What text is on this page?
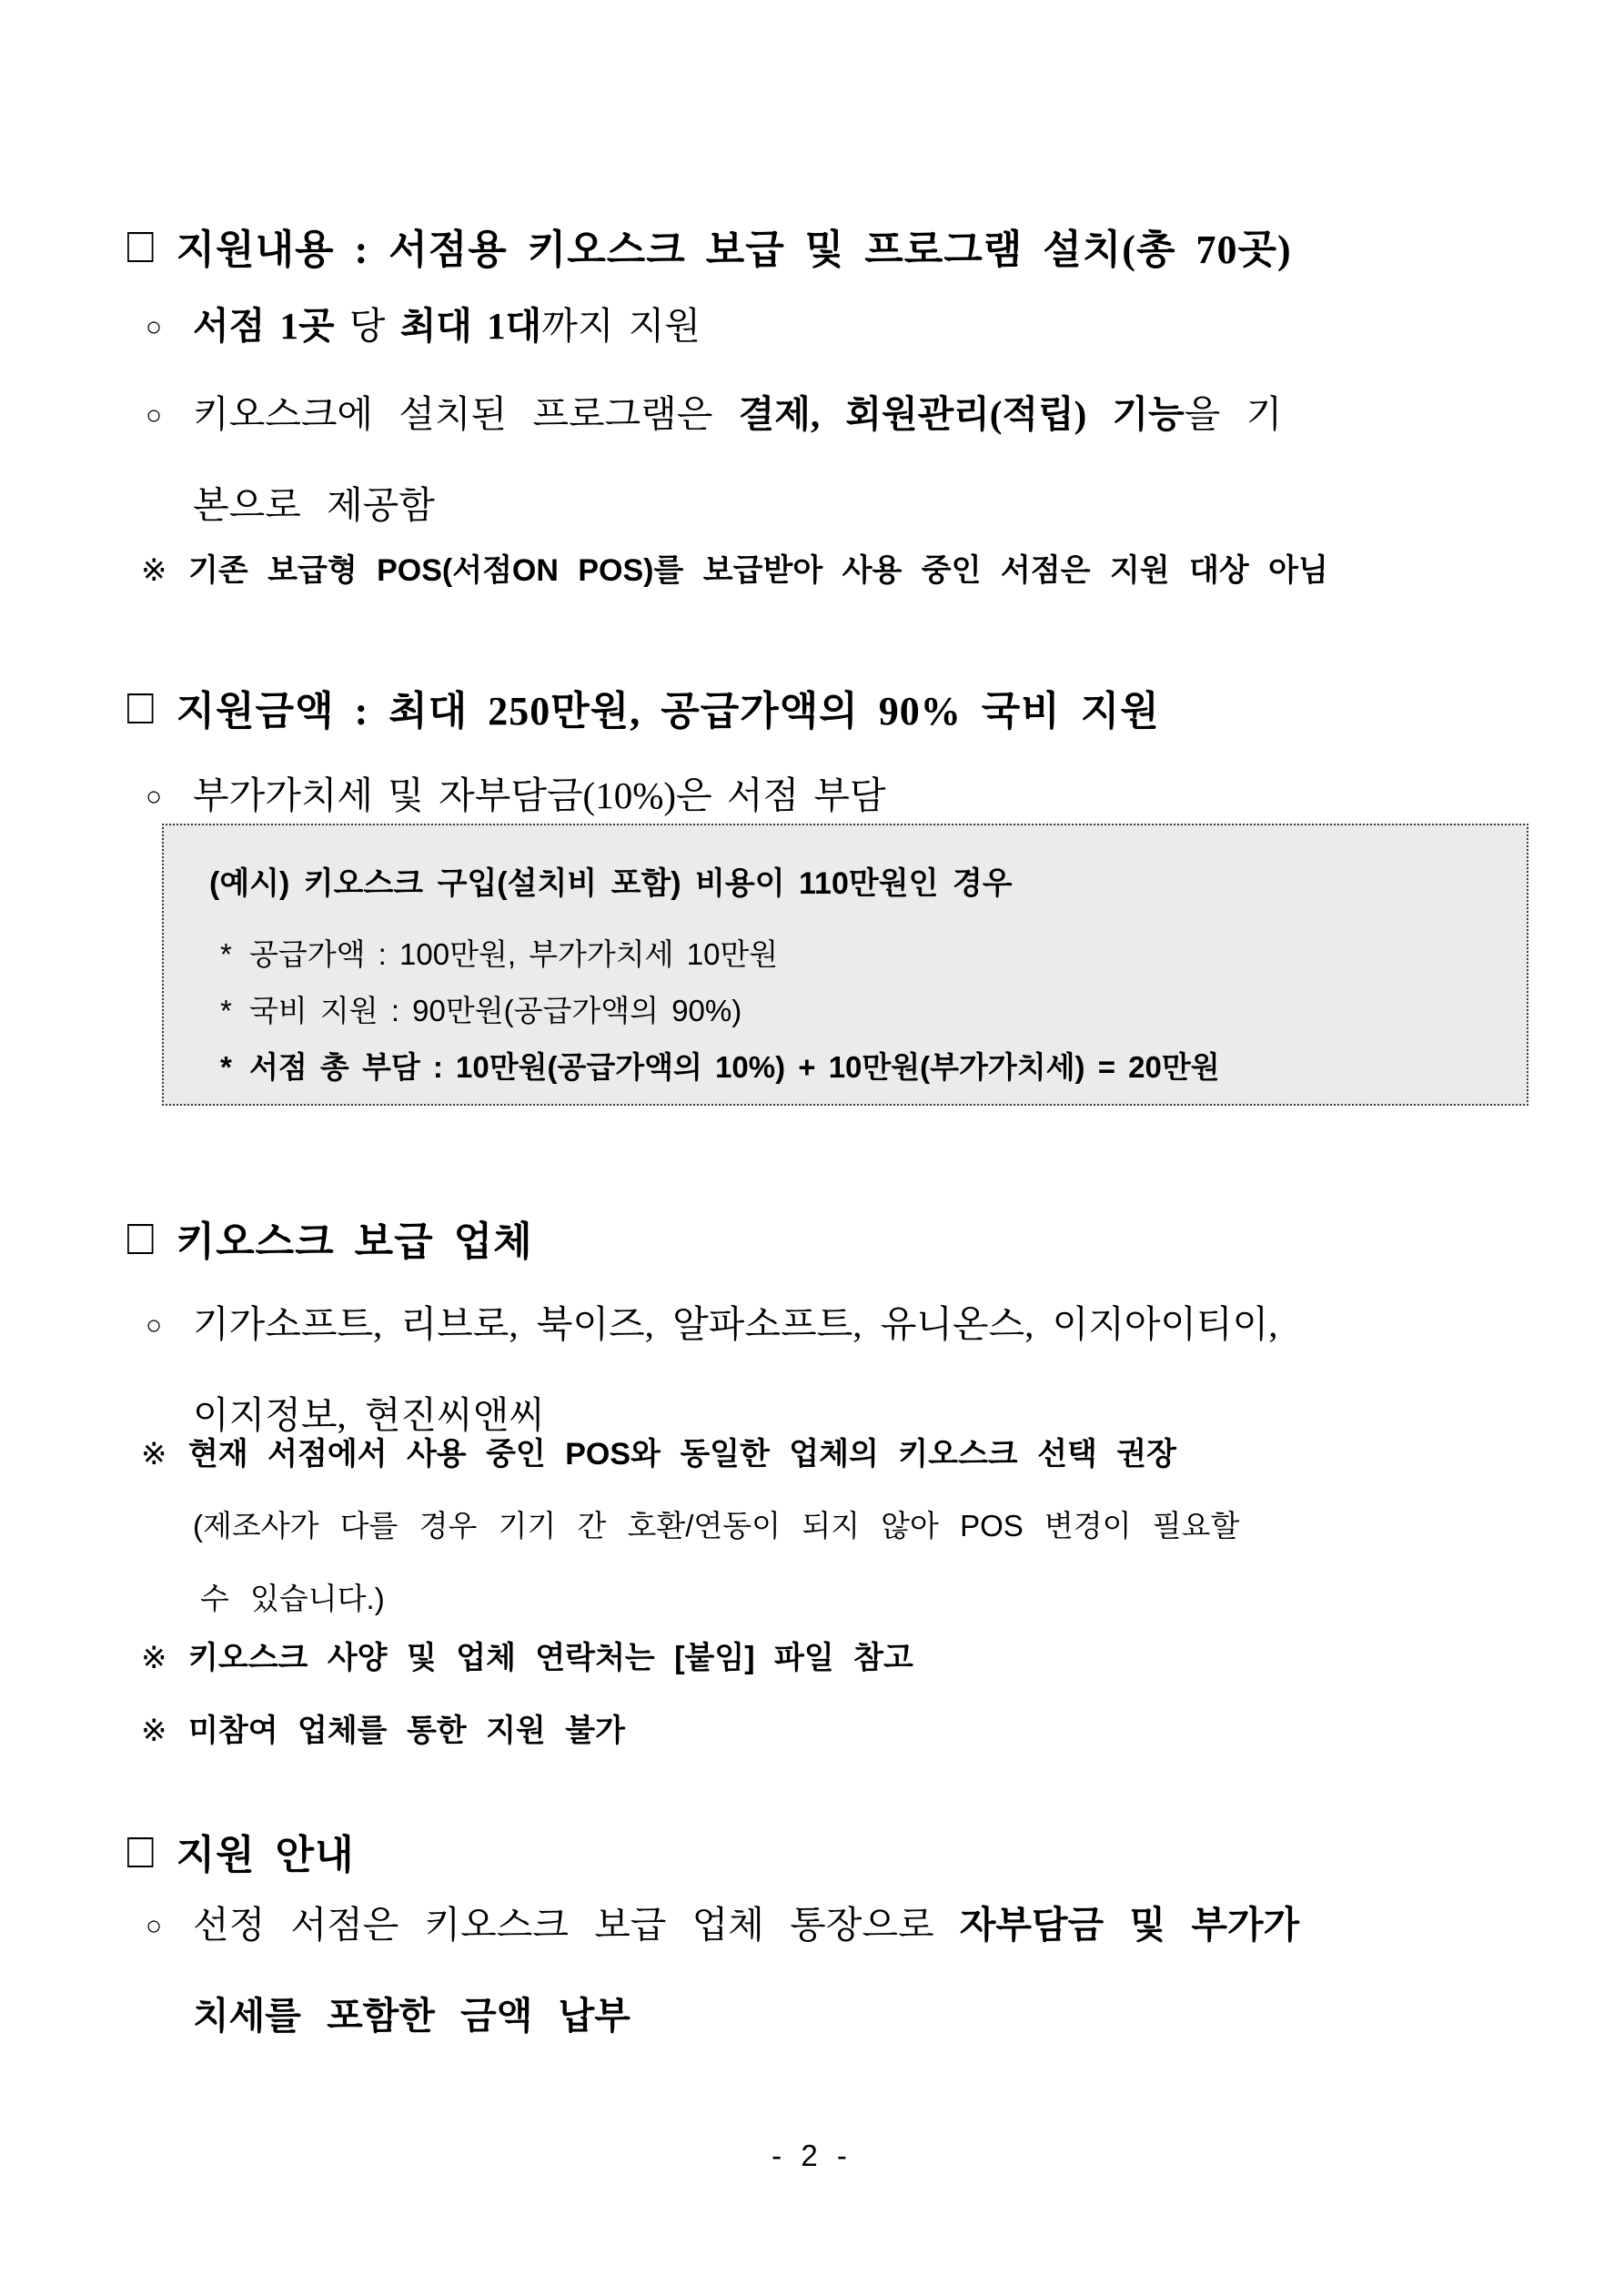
□ 지원내용 : 서점용 키오스크 보급 및 프로그램 설치(총 70곳)
○ 서점 1곳 당 최대 1대까지 지원
○ 키오스크에 설치된 프로그램은 결제, 회원관리(적립) 기능을 기
본으로 제공함
※ 기존 보급형 POS(서점ON POS)를 보급받아 사용 중인 서점은 지원 대상 아님
□ 지원금액 : 최대 250만원, 공급가액의 90% 국비 지원
○ 부가가치세 및 자부담금(10%)은 서점 부담
(예시) 키오스크 구입(설치비 포함) 비용이 110만원인 경우
* 공급가액 : 100만원, 부가가치세 10만원
* 국비 지원 : 90만원(공급가액의 90%)
* 서점 총 부담 : 10만원(공급가액의 10%) + 10만원(부가가치세) = 20만원
□ 키오스크 보급 업체
○ 기가소프트, 리브로, 북이즈, 알파소프트, 유니온스, 이지아이티이,
이지정보, 현진씨앤씨
※ 현재 서점에서 사용 중인 POS와 동일한 업체의 키오스크 선택 권장
(제조사가 다를 경우 기기 간 호환/연동이 되지 않아 POS 변경이 필요할
수 있습니다.)
※ 키오스크 사양 및 업체 연락처는 [붙임] 파일 참고
※ 미참여 업체를 통한 지원 불가
□ 지원 안내
○ 선정 서점은 키오스크 보급 업체 통장으로 자부담금 및 부가가
치세를 포함한 금액 납부
- 2 -
